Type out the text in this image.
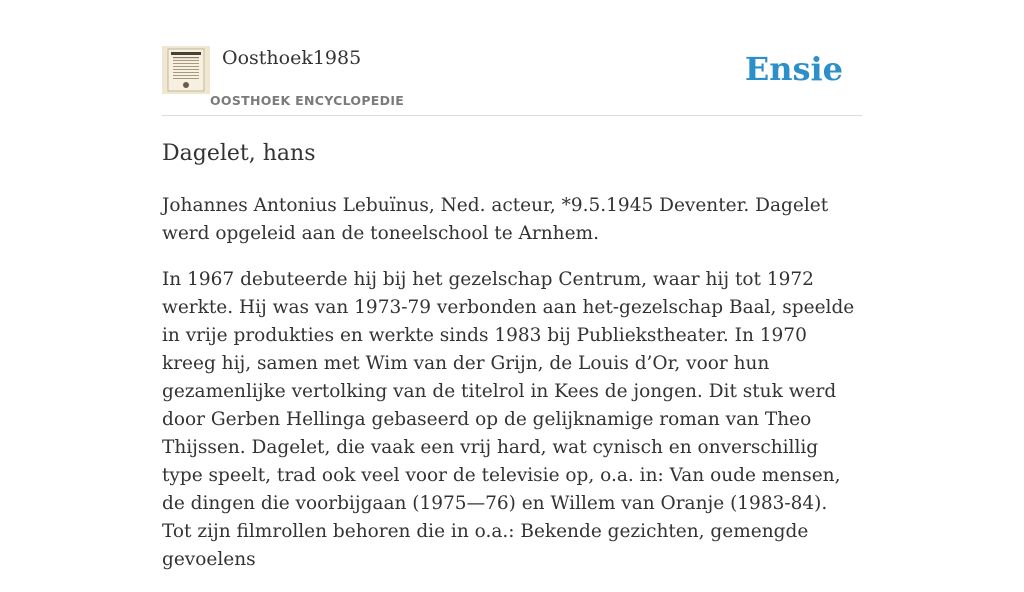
Oosthoek1985
OOSTHOEK ENCYCLOPEDIE
Ensie
Dagelet, hans

Johannes Antonius Lebuïnus, Ned. acteur, *9.5.1945 Deventer. Dagelet werd opgeleid aan de toneelschool te Arnhem.

In 1967 debuteerde hij bij het gezelschap Centrum, waar hij tot 1972 werkte. Hij was van 1973-79 verbonden aan het-gezelschap Baal, speelde in vrije produkties en werkte sinds 1983 bij Publiekstheater. In 1970 kreeg hij, samen met Wim van der Grijn, de Louis d’Or, voor hun gezamenlijke vertolking van de titelrol in Kees de jongen. Dit stuk werd door Gerben Hellinga gebaseerd op de gelijknamige roman van Theo Thijssen. Dagelet, die vaak een vrij hard, wat cynisch en onverschillig type speelt, trad ook veel voor de televisie op, o.a. in: Van oude mensen, de dingen die voorbijgaan (1975—76) en Willem van Oranje (1983-84). Tot zijn filmrollen behoren die in o.a.: Bekende gezichten, gemengde gevoelens
